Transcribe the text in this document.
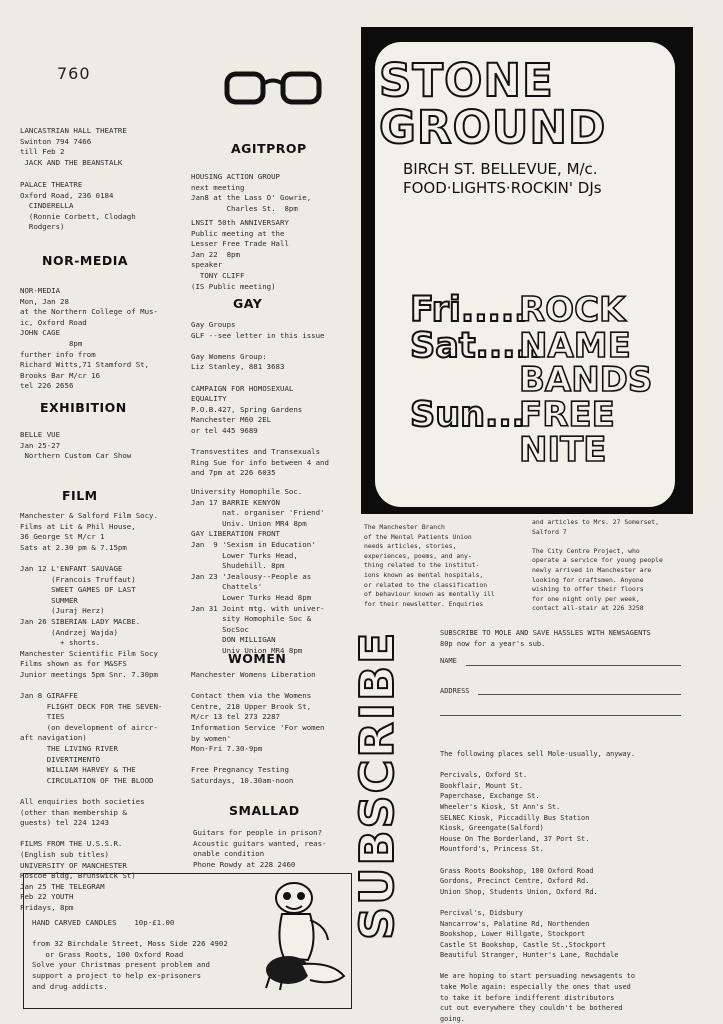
760
LANCASTRIAN HALL THEATRE
Swinton 794 7466
till Feb 2
JACK AND THE BEANSTALK
PALACE THEATRE
Oxford Road, 236 0184
CINDERELLA
(Ronnie Corbett, Clodagh
Rodgers)
NOR-MEDIA
NOR-MEDIA
Mon, Jan 28
at the Northern College of Mus-
ic, Oxford Road
JOHN CAGE
8pm
further info from
Richard Witts,71 Stamford St,
Brooks Bar M/cr 16
tel 226 2656
EXHIBITION
BELLE VUE
Jan 25-27
Northern Custom Car Show
FILM
Manchester & Salford Film Socy.
Films at Lit & Phil House,
36 George St M/cr 1
Sats at 2.30 pm & 7.15pm

Jan 12 L'ENFANT SAUVAGE
(Francois Truffaut)
SWEET GAMES OF LAST
SUMMER
(Juraj Herz)
Jan 26 SIBERIAN LADY MACBE.
(Andrzej Wajda)
+ shorts.
Manchester Scientific Film Socy
Films shown as for M&SFS
Junior meetings 5pm Snr. 7.30pm

Jan 8 GIRAFFE
FLIGHT DECK FOR THE SEVEN-
TIES
(on development of aircr-
aft navigation)
THE LIVING RIVER
DIVERTIMENTO
WILLIAM HARVEY & THE
CIRCULATION OF THE BLOOD

All enquiries both societies
(other than membership &
guests) tel 224 1243

FILMS FROM THE U.S.S.R.
(English sub titles)
UNIVERSITY OF MANCHESTER
Roscoe Bldg, Brunswick St)
Jan 25 THE TELEGRAM
Feb 22 YOUTH
Fridays, 8pm
AGITPROP
HOUSING ACTION GROUP
next meeting
Jan8 at the Lass O' Gowrie,
Charles St.  8pm
LNSIT 50th ANNIVERSARY
Public meeting at the
Lesser Free Trade Hall
Jan 22  8pm
speaker
TONY CLIFF
(IS Public meeting)
GAY
Gay Groups
GLF --see letter in this issue

Gay Womens Group:
Liz Stanley, 881 3683

CAMPAIGN FOR HOMOSEXUAL
EQUALITY
P.O.B.427, Spring Gardens
Manchester M60 2EL
or tel 445 9689

Transvestites and Transexuals
Ring Sue for info between 4 and
and 7pm at 226 6035
University Homophile Soc.
Jan 17 BARRIE KENYON
nat. organiser 'Friend'
Univ. Union MR4 8pm
GAY LIBERATION FRONT
Jan  9 'Sexism in Education'
Lower Turks Head,
Shudehill. 8pm
Jan 23 'Jealousy--People as
Chattels'
Lower Turks Head 8pm
Jan 31 Joint mtg. with univer-
sity Homophile Soc &
SocSoc
DON MILLIGAN
Univ Union MR4 8pm
WOMEN
Manchester Womens Liberation

Contact them via the Womens
Centre, 218 Upper Brook St,
M/cr 13 tel 273 2287
Information Service 'For women
by women'
Mon-Fri 7.30-9pm

Free Pregnancy Testing
Saturdays, 10.30am-noon
SMALLAD
Guitars for people in prison?
Acoustic guitars wanted, reas-
onable condition
Phone Rowdy at 228 2460
HAND CARVED CANDLES    10p-£1.00

from 32 Birchdale Street, Moss Side 226 4902
or Grass Roots, 100 Oxford Road
Solve your Christmas present problem and
support a project to help ex-prisoners
and drug addicts.
STONE
GROUND
BIRCH ST. BELLEVUE, M/c.
FOOD·LIGHTS·ROCKIN' DJs
Fri.....
ROCK
Sat.....
NAME
BANDS
Sun...
FREE
NITE
The Manchester Branch
of the Mental Patients Union
needs articles, stories,
experiences, poems, and any-
thing related to the institut-
ions known as mental hospitals,
or related to the classification
of behaviour known as mentally ill
for their newsletter. Enquiries
and articles to Mrs. 27 Somerset,
Salford 7

The City Centre Project, who
operate a service for young people
newly arrived in Manchester are
looking for craftsmen. Anyone
wishing to offer their floors
for one night only per week,
contact all-stair at 226 3258
SUBSCRIBE	SUBSCRIBE TO MOLE AND SAVE HASSLES WITH NEWSAGENTS
80p now for a year's sub.
NAME
ADDRESS
The following places sell Mole-usually, anyway.

Percivals, Oxford St.
Bookflair, Mount St.
Paperchase, Exchange St.
Wheeler's Kiosk, St Ann's St.
SELNEC Kiosk, Piccadilly Bus Station
Kiosk, Greengate(Salford)
House On The Borderland, 37 Port St.
Mountford's, Princess St.

Grass Roots Bookshop, 100 Oxford Road
Gordons, Precinct Centre, Oxford Rd.
Union Shop, Students Union, Oxford Rd.

Percival's, Didsbury
Nancarrow's, Palatine Rd, Northenden
Bookshop, Lower Hillgate, Stockport
Castle St Bookshop, Castle St.,Stockport
Beautiful Stranger, Hunter's Lane, Rochdale

We are hoping to start persuading newsagents to
take Mole again: especially the ones that used
to take it before indifferent distributors
cut out everywhere they couldn't be bothered
going.
